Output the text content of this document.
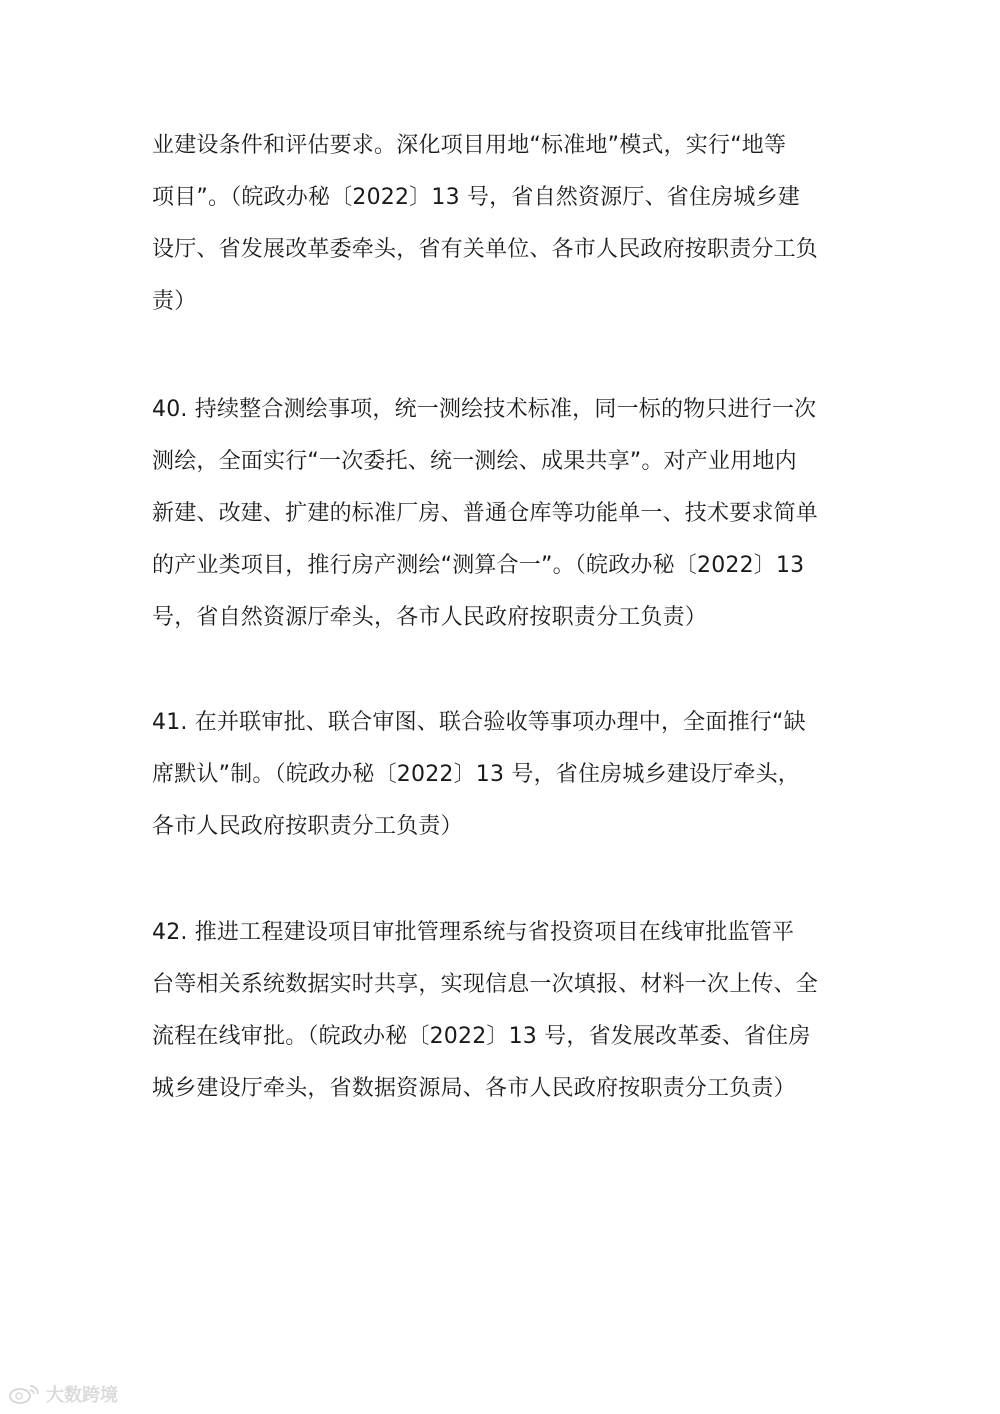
业建设条件和评估要求。深化项目用地“标准地”模式，实行“地等
项目”。（皖政办秘〔2022〕13 号，省自然资源厅、省住房城乡建
设厅、省发展改革委牵头，省有关单位、各市人民政府按职责分工负
责）
40. 持续整合测绘事项，统一测绘技术标准，同一标的物只进行一次
测绘，全面实行“一次委托、统一测绘、成果共享”。对产业用地内
新建、改建、扩建的标准厂房、普通仓库等功能单一、技术要求简单
的产业类项目，推行房产测绘“测算合一”。（皖政办秘〔2022〕13
号，省自然资源厅牵头，各市人民政府按职责分工负责）
41. 在并联审批、联合审图、联合验收等事项办理中，全面推行“缺
席默认”制。（皖政办秘〔2022〕13 号，省住房城乡建设厅牵头，
各市人民政府按职责分工负责）
42. 推进工程建设项目审批管理系统与省投资项目在线审批监管平
台等相关系统数据实时共享，实现信息一次填报、材料一次上传、全
流程在线审批。（皖政办秘〔2022〕13 号，省发展改革委、省住房
城乡建设厅牵头，省数据资源局、各市人民政府按职责分工负责）
大数跨境
